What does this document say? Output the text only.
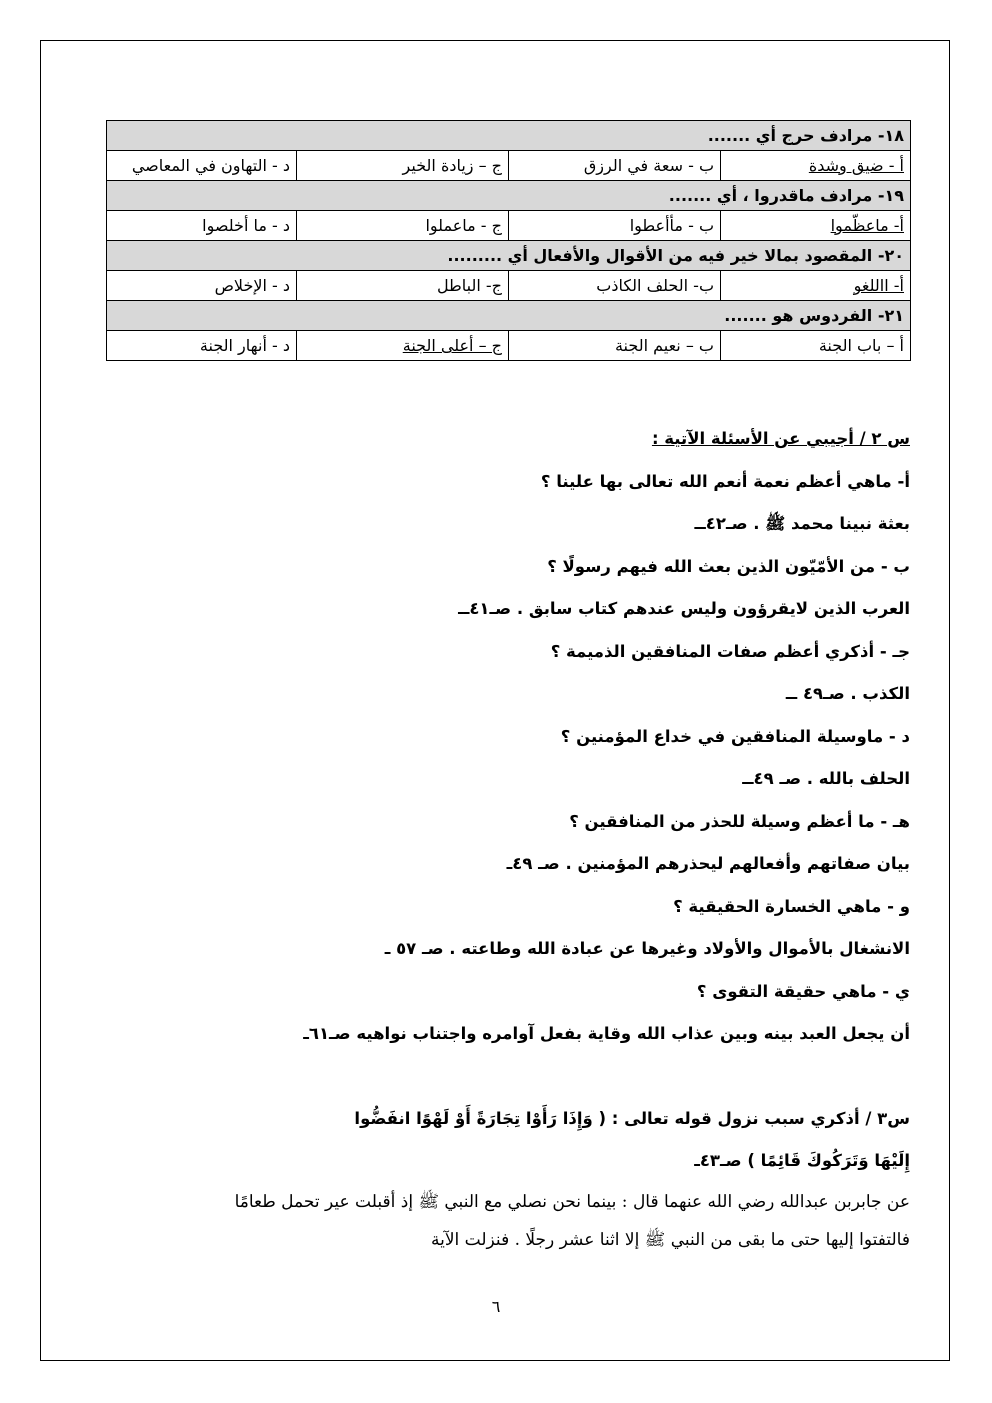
١٨- مرادف حرج أي .......			
أ - ضيق وشدة	ب - سعة في الرزق	ج – زيادة الخير	د - التهاون في المعاصي
١٩- مرادف ماقدروا ، أي .......			
أ- ماعظّموا	ب - مأأعطوا	ج - ماعملوا	د - ما أخلصوا
٢٠- المقصود بمالا خير فيه من الأقوال والأفعال أي .........			
أ- االلغو	ب- الحلف الكاذب	ج- الباطل	د - الإخلاص
٢١- الفردوس هو .......			
أ – باب الجنة	ب – نعيم الجنة	ج – أعلى الجنة	د - أنهار الجنة
س ٢ / أجيبي عن الأسئلة الآتية :
أ- ماهي أعظم نعمة أنعم الله تعالى بها علينا ؟
بعثة نبينا محمد ﷺ . صـ٤٢ــ
ب - من الأمّيّون الذين بعث الله فيهم رسولًا ؟
العرب الذين لايقرؤون وليس عندهم كتاب سابق . صـ٤١ــ
جـ - أذكري أعظم صفات المنافقين الذميمة ؟
الكذب . صـ٤٩ ــ
د - ماوسيلة المنافقين في خداع المؤمنين ؟
الحلف بالله . صـ ٤٩ــ
هـ - ما أعظم وسيلة للحذر من المنافقين ؟
بيان صفاتهم وأفعالهم ليحذرهم المؤمنين . صـ ٤٩ـ
و - ماهي الخسارة الحقيقية ؟
الانشغال بالأموال والأولاد وغيرها عن عبادة الله وطاعته . صـ ٥٧ ـ
ي - ماهي حقيقة التقوى ؟
أن يجعل العبد بينه وبين عذاب الله وقاية بفعل آوامره واجتناب نواهيه صـ٦١ـ
س٣ / أذكري سبب نزول قوله تعالى : ( وَإِذَا رَأَوْا تِجَارَةً أَوْ لَهْوًا انفَضُّوا
إِلَيْهَا وَتَرَكُوكَ قَائِمًا ) صـ٤٣ـ
عن جابربن عبدالله رضي الله عنهما قال : بينما نحن نصلي مع النبي ﷺ إذ أقبلت عير تحمل طعامًا
فالتفتوا إليها حتى ما بقى من النبي ﷺ إلا اثنا عشر رجلًا . فنزلت الآية
٦
